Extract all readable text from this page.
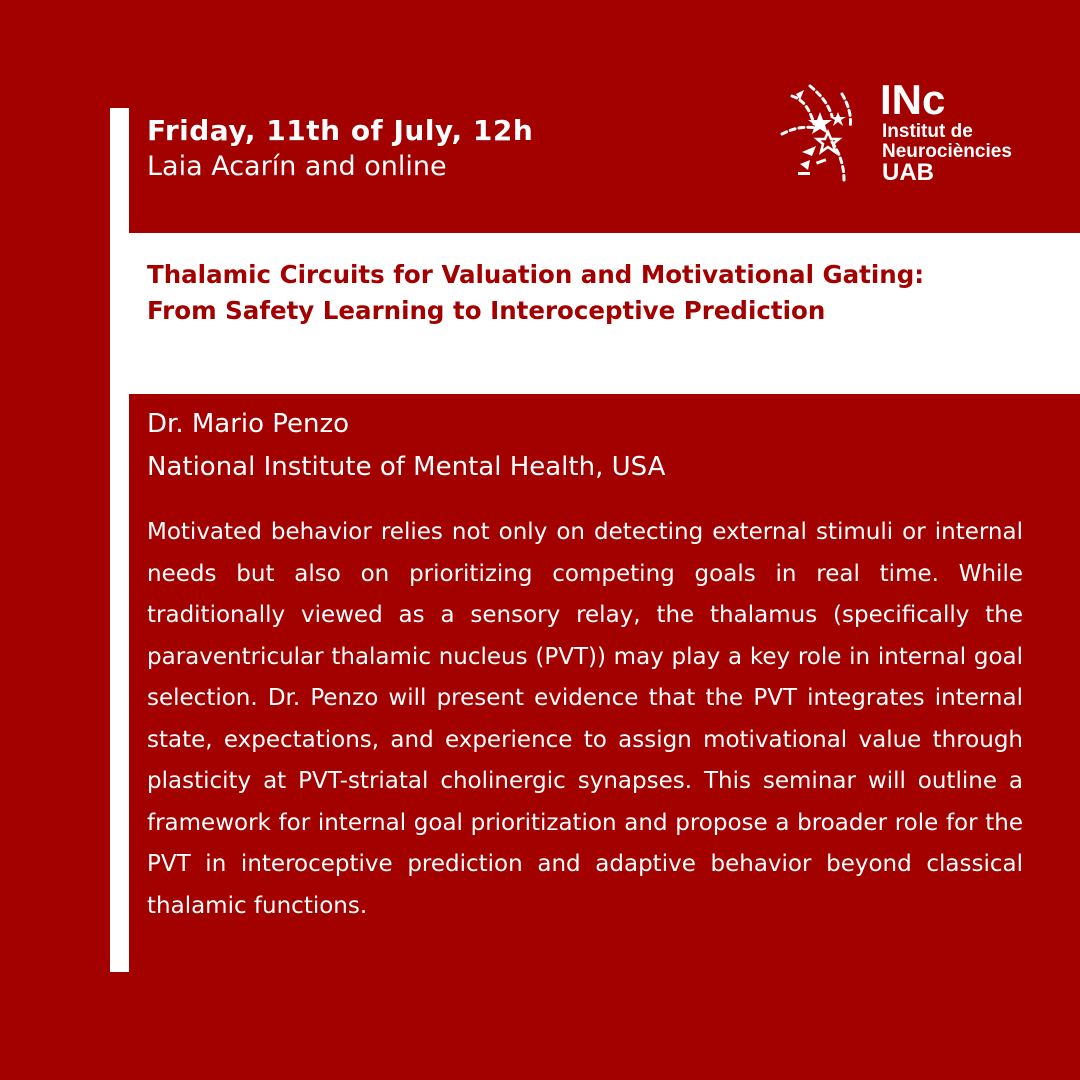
Friday, 11th of July, 12h
Laia Acarín and online
INc
Institut de
Neurociències
UAB
Thalamic Circuits for Valuation and Motivational Gating: From Safety Learning to Interoceptive Prediction
Dr. Mario Penzo
National Institute of Mental Health, USA

Motivated behavior relies not only on detecting external stimuli or internal needs but also on prioritizing competing goals in real time. While traditionally viewed as a sensory relay, the thalamus (specifically the paraventricular thalamic nucleus (PVT)) may play a key role in internal goal selection. Dr. Penzo will present evidence that the PVT integrates internal state, expectations, and experience to assign motivational value through plasticity at PVT-striatal cholinergic synapses. This seminar will outline a framework for internal goal prioritization and propose a broader role for the PVT in interoceptive prediction and adaptive behavior beyond classical thalamic functions.
